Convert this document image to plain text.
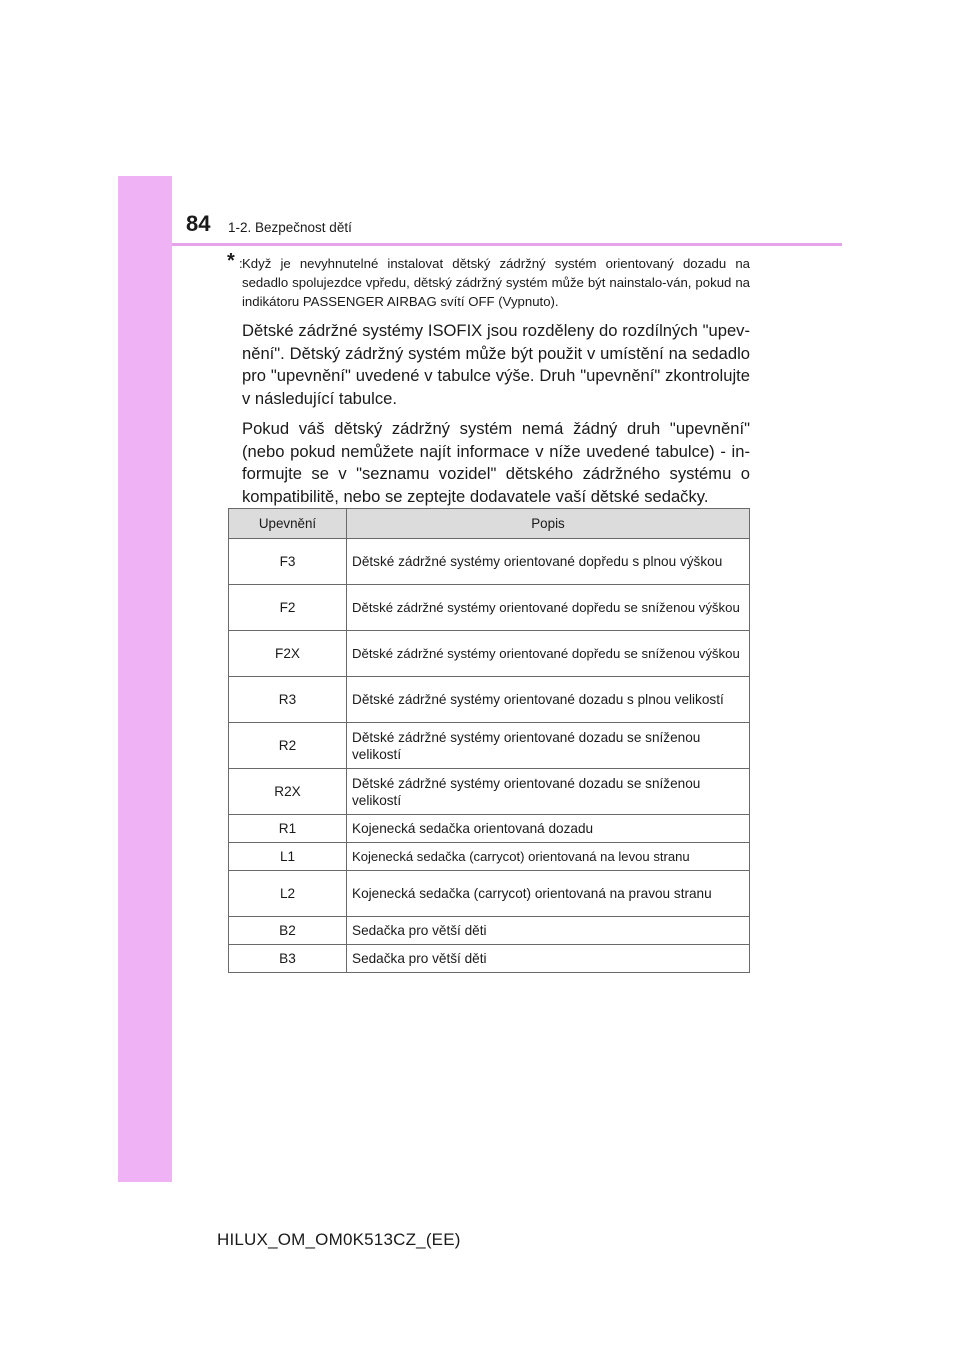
84 1-2. Bezpečnost dětí
* : Když je nevyhnutelné instalovat dětský zádržný systém orientovaný dozadu na sedadlo spolujezdce vpředu, dětský zádržný systém může být nainstalo-ván, pokud na indikátoru PASSENGER AIRBAG svítí OFF (Vypnuto).

Dětské zádržné systémy ISOFIX jsou rozděleny do rozdílných "upev-nění". Dětský zádržný systém může být použit v umístění na sedadlo pro "upevnění" uvedené v tabulce výše. Druh "upevnění" zkontrolujte v následující tabulce.

Pokud váš dětský zádržný systém nemá žádný druh "upevnění" (nebo pokud nemůžete najít informace v níže uvedené tabulce) - in-formujte se v "seznamu vozidel" dětského zádržného systému o kompatibilitě, nebo se zeptejte dodavatele vaší dětské sedačky.

Upevnění	Popis
F3	Dětské zádržné systémy orientované dopředu s plnou výškou
F2	Dětské zádržné systémy orientované dopředu se sníženou výškou
F2X	Dětské zádržné systémy orientované dopředu se sníženou výškou
R3	Dětské zádržné systémy orientované dozadu s plnou velikostí
R2	Dětské zádržné systémy orientované dozadu se sníženou velikostí
R2X	Dětské zádržné systémy orientované dozadu se sníženou velikostí
R1	Kojenecká sedačka orientovaná dozadu
L1	Kojenecká sedačka (carrycot) orientovaná na levou stranu
L2	Kojenecká sedačka (carrycot) orientovaná na pravou stranu
B2	Sedačka pro větší děti
B3	Sedačka pro větší děti
HILUX_OM_OM0K513CZ_(EE)
